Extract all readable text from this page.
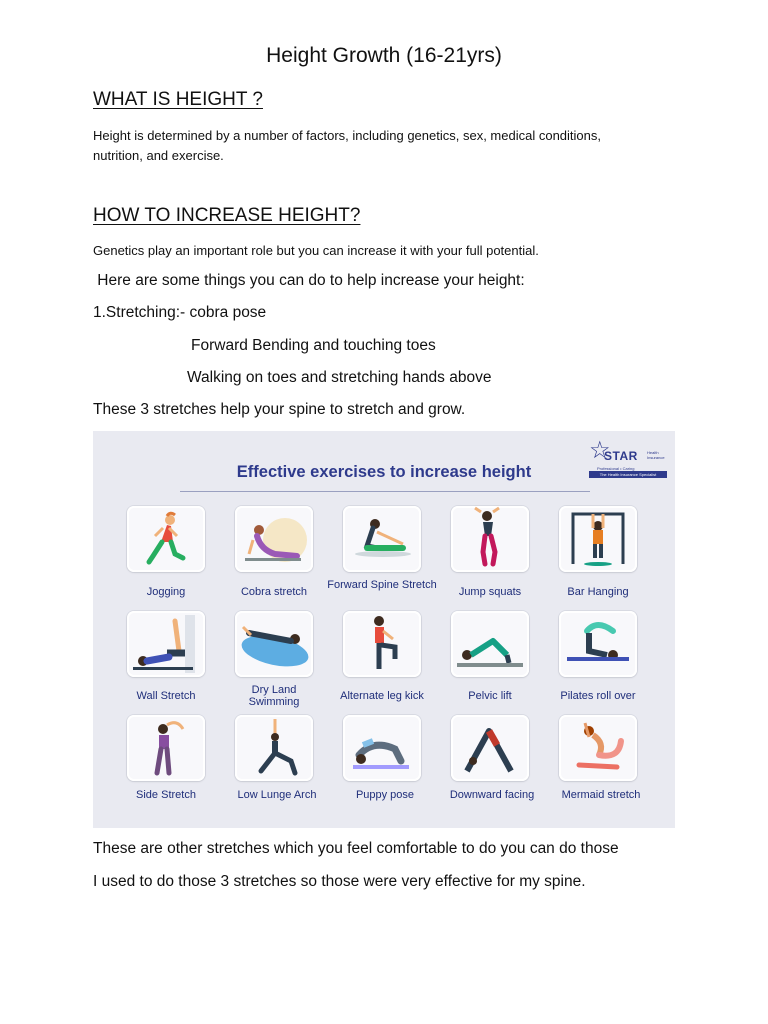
Height Growth (16-21yrs)
WHAT IS HEIGHT ?
Height is determined by a number of factors, including genetics, sex, medical conditions,
nutrition, and exercise.
HOW TO INCREASE HEIGHT?
Genetics play an important role but you can increase it with your full potential.
Here are some things you can do to help increase your height:
1.Stretching:- cobra pose
Forward Bending and touching toes
Walking on toes and stretching hands above
These 3 stretches help your spine to stretch and grow.
☆
STAR Health Insurance
Professional • Caring
The Health Insurance Specialist
Effective exercises to increase height
Jogging	Cobra stretch
Forward Spine Stretch
Jump squats	Bar Hanging
Wall Stretch	Dry Land Swimming	Alternate leg kick	Pelvic lift	Pilates roll over
Side Stretch	Low Lunge Arch	Puppy pose	Downward facing	Mermaid stretch
These are other stretches which you feel comfortable to do you can do those
I used to do those 3 stretches so those were very effective for my spine.
